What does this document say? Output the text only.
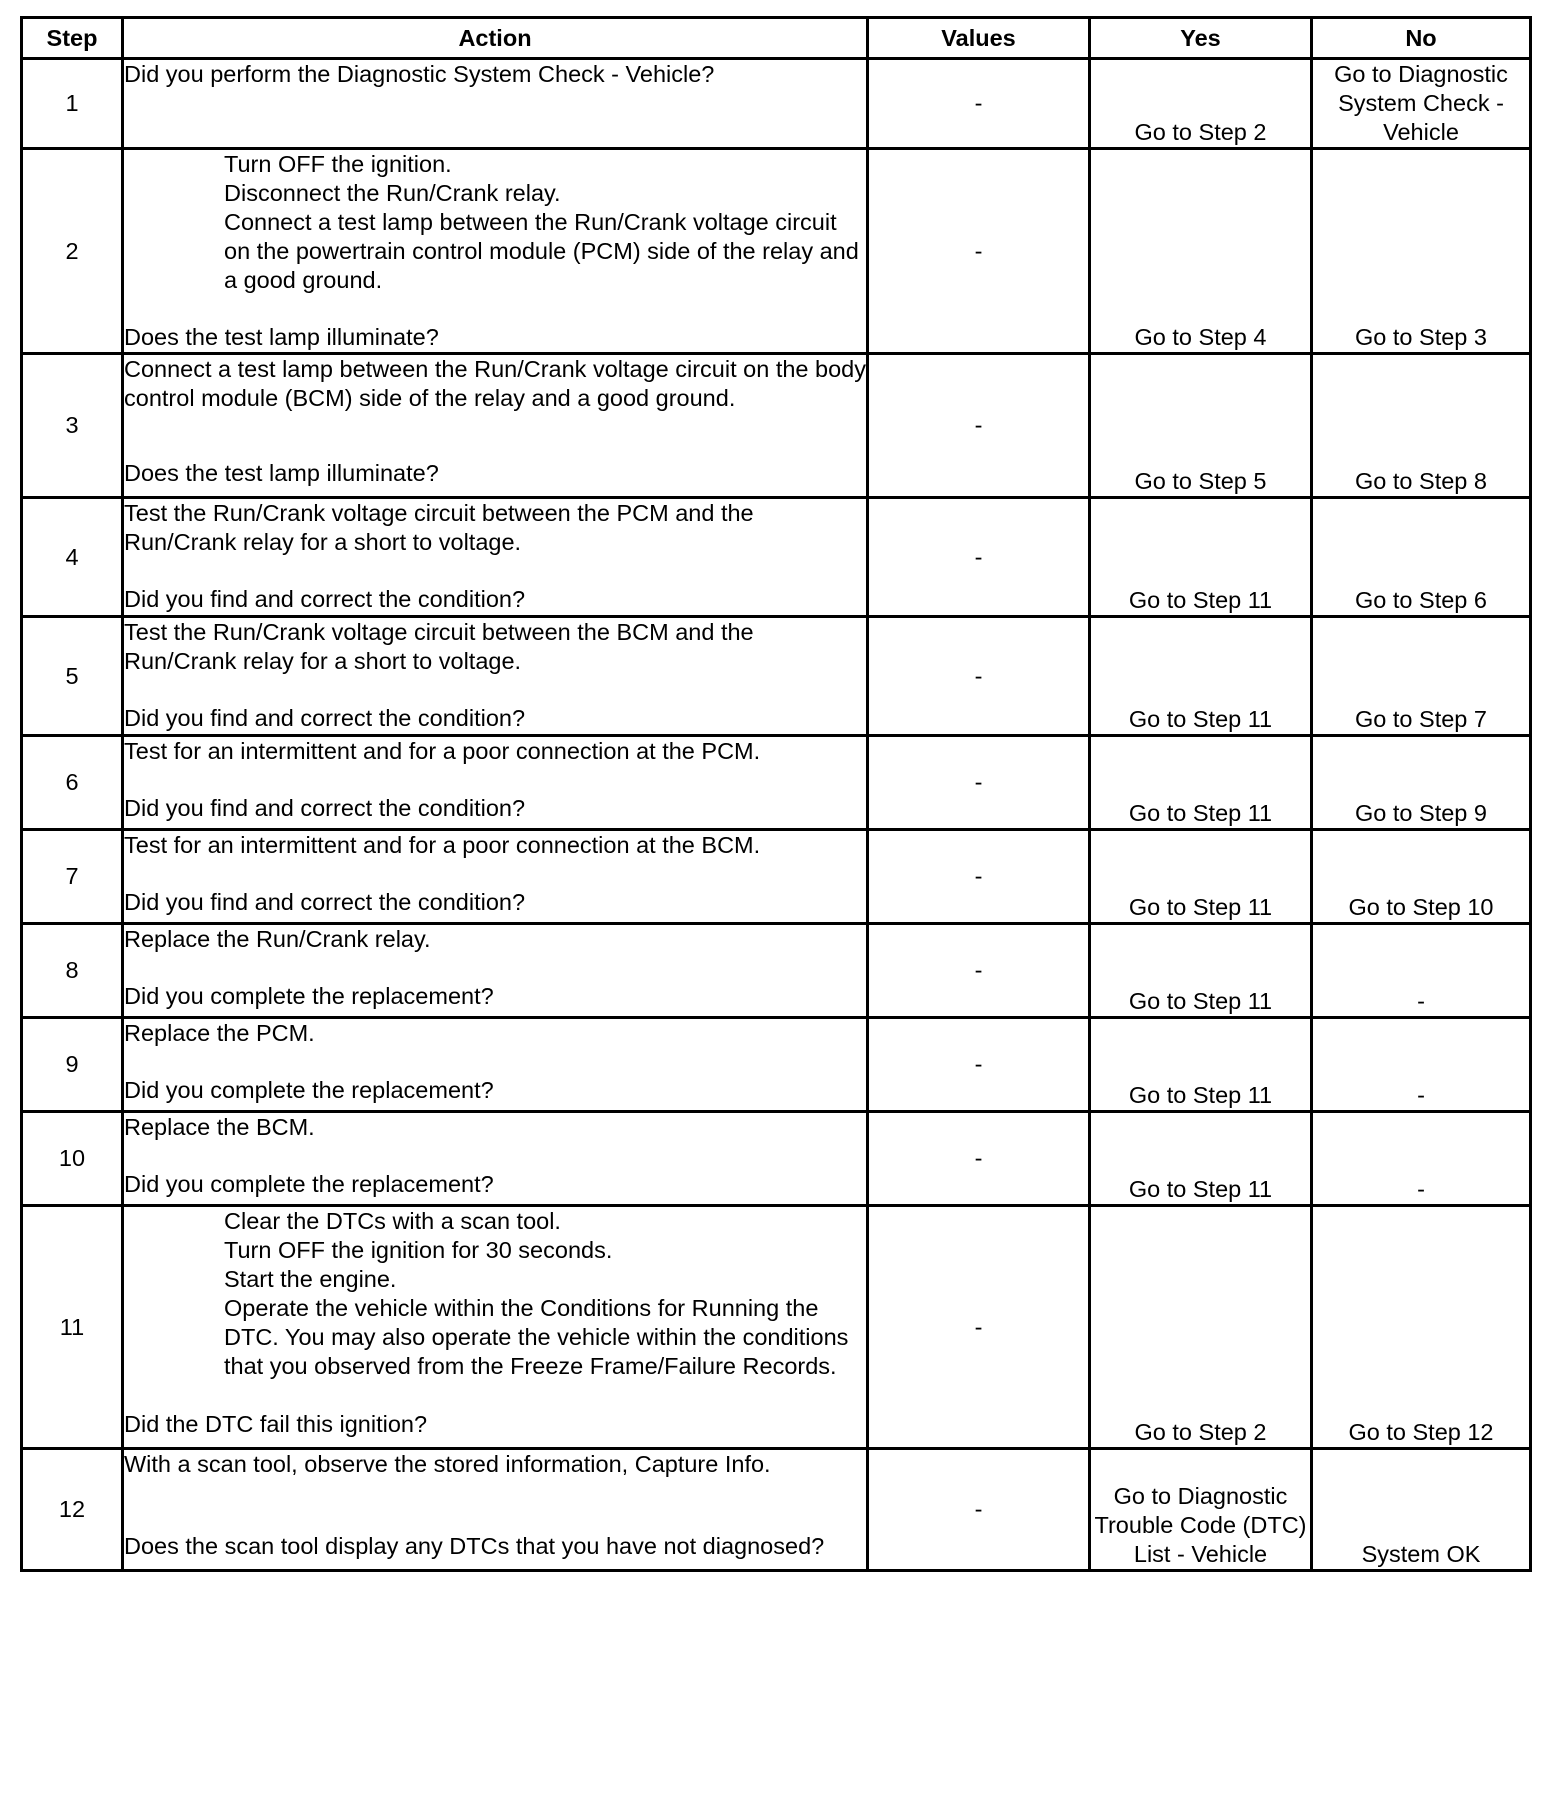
Step	Action	Values	Yes	No
1	Did you perform the Diagnostic System Check - Vehicle?	-	Go to Step 2	Go to Diagnostic System Check - Vehicle
2	Turn OFF the ignition.
Disconnect the Run/Crank relay.
Connect a test lamp between the Run/Crank voltage circuit on the powertrain control module (PCM) side of the relay and a good ground.
Does the test lamp illuminate?	-	Go to Step 4	Go to Step 3
3	Connect a test lamp between the Run/Crank voltage circuit on the body control module (BCM) side of the relay and a good ground.
Does the test lamp illuminate?	-	Go to Step 5	Go to Step 8
4	Test the Run/Crank voltage circuit between the PCM and the Run/Crank relay for a short to voltage.
Did you find and correct the condition?	-	Go to Step 11	Go to Step 6
5	Test the Run/Crank voltage circuit between the BCM and the Run/Crank relay for a short to voltage.
Did you find and correct the condition?	-	Go to Step 11	Go to Step 7
6	Test for an intermittent and for a poor connection at the PCM.
Did you find and correct the condition?	-	Go to Step 11	Go to Step 9
7	Test for an intermittent and for a poor connection at the BCM.
Did you find and correct the condition?	-	Go to Step 11	Go to Step 10
8	Replace the Run/Crank relay.
Did you complete the replacement?	-	Go to Step 11	-
9	Replace the PCM.
Did you complete the replacement?	-	Go to Step 11	-
10	Replace the BCM.
Did you complete the replacement?	-	Go to Step 11	-
11	Clear the DTCs with a scan tool.
Turn OFF the ignition for 30 seconds.
Start the engine.
Operate the vehicle within the Conditions for Running the DTC. You may also operate the vehicle within the conditions that you observed from the Freeze Frame/Failure Records.
Did the DTC fail this ignition?	-	Go to Step 2	Go to Step 12
12	With a scan tool, observe the stored information, Capture Info.
Does the scan tool display any DTCs that you have not diagnosed?	-	Go to Diagnostic Trouble Code (DTC) List - Vehicle	System OK
